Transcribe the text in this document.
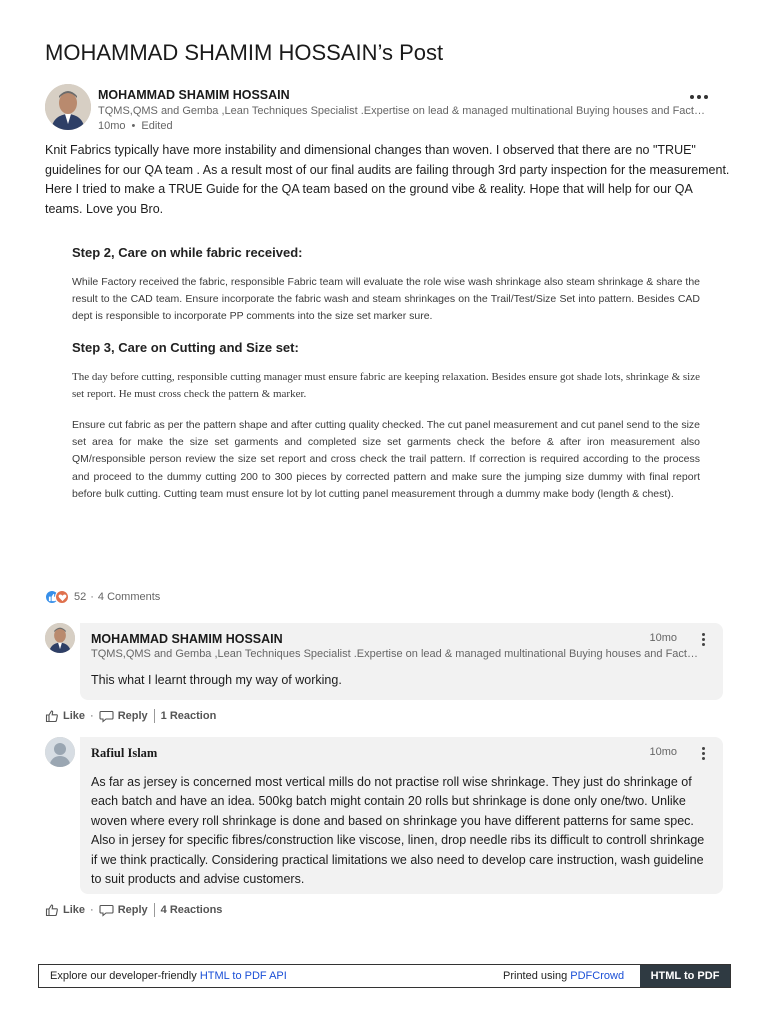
MOHAMMAD SHAMIM HOSSAIN’s Post
MOHAMMAD SHAMIM HOSSAIN
TQMS,QMS and Gemba ,Lean Techniques Specialist .Expertise on lead & managed multinational Buying houses and Fact…
10mo • Edited

Knit Fabrics typically have more instability and dimensional changes than woven. I observed that there are no "TRUE" guidelines for our QA team . As a result most of our final audits are failing through 3rd party inspection for the measurement. Here I tried to make a TRUE Guide for the QA team based on the ground vibe & reality. Hope that will help for our QA teams. Love you Bro.

Step 2, Care on while fabric received:

While Factory received the fabric, responsible Fabric team will evaluate the role wise wash shrinkage also steam shrinkage & share the result to the CAD team. Ensure incorporate the fabric wash and steam shrinkages on the Trail/Test/Size Set into pattern. Besides CAD dept is responsible to incorporate PP comments into the size set marker sure.

Step 3, Care on Cutting and Size set:

The day before cutting, responsible cutting manager must ensure fabric are keeping relaxation. Besides ensure got shade lots, shrinkage & size set report. He must cross check the pattern & marker.

Ensure cut fabric as per the pattern shape and after cutting quality checked. The cut panel measurement and cut panel send to the size set area for make the size set garments and completed size set garments check the before & after iron measurement also QM/responsible person review the size set report and cross check the trail pattern. If correction is required according to the process and proceed to the dummy cutting 200 to 300 pieces by corrected pattern and make sure the jumping size dummy with final report before bulk cutting. Cutting team must ensure lot by lot cutting panel measurement through a dummy make body (length & chest).

52 · 4 Comments
MOHAMMAD SHAMIM HOSSAIN
TQMS,QMS and Gemba ,Lean Techniques Specialist .Expertise on lead & managed multinational Buying houses and Fact…
10mo

This what I learnt through my way of working.

Like · Reply 1 Reaction
Rafiul Islam	10mo

As far as jersey is concerned most vertical mills do not practise roll wise shrinkage. They just do shrinkage of each batch and have an idea. 500kg batch might contain 20 rolls but shrinkage is done only one/two. Unlike woven where every roll shrinkage is done and based on shrinkage you have different patterns for same spec. Also in jersey for specific fibres/construction like viscose, linen, drop needle ribs its difficult to controll shrinkage if we think practically. Considering practical limitations we also need to develop care instruction, wash guideline to suit products and advise customers.

Like · Reply 4 Reactions
Explore our developer-friendly HTML to PDF API	Printed using PDFCrowd	HTML to PDF
